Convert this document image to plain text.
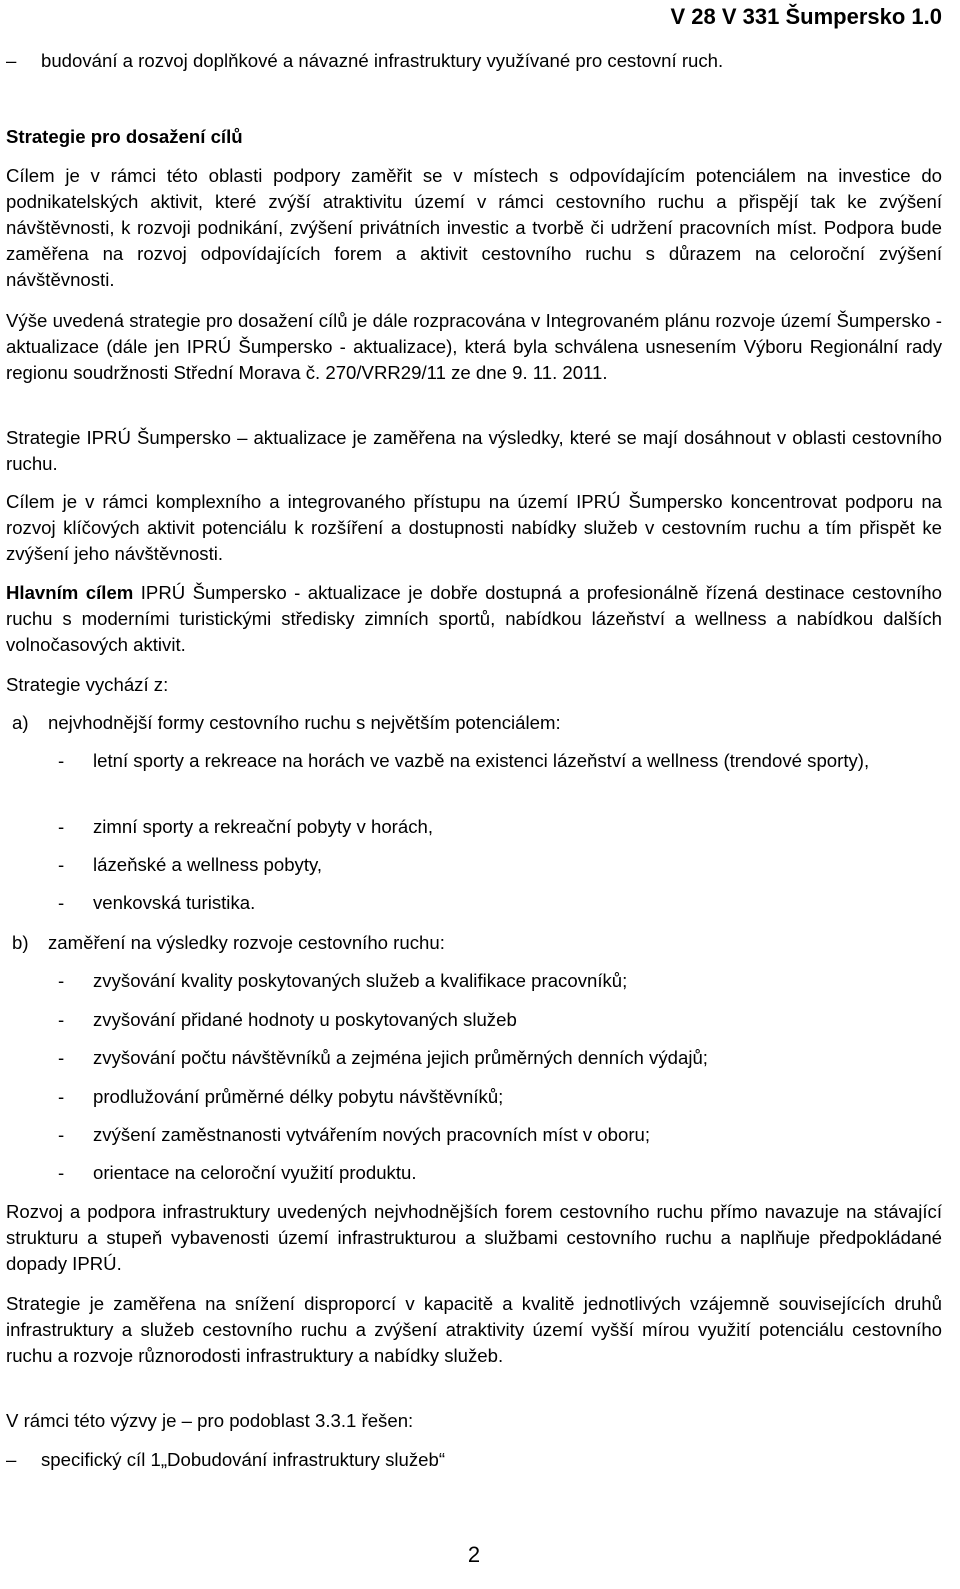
V 28 V 331 Šumpersko 1.0
– budování a rozvoj doplňkové a návazné infrastruktury využívané pro cestovní ruch.
Strategie pro dosažení cílů

Cílem je v rámci této oblasti podpory zaměřit se v místech s odpovídajícím potenciálem na investice do podnikatelských aktivit, které zvýší atraktivitu území v rámci cestovního ruchu a přispějí tak ke zvýšení návštěvnosti, k rozvoji podnikání, zvýšení privátních investic a tvorbě či udržení pracovních míst. Podpora bude zaměřena na rozvoj odpovídajících forem a aktivit cestovního ruchu s důrazem na celoroční zvýšení návštěvnosti.

Výše uvedená strategie pro dosažení cílů je dále rozpracována v Integrovaném plánu rozvoje území Šumpersko - aktualizace (dále jen IPRÚ Šumpersko - aktualizace), která byla schválena usnesením Výboru Regionální rady regionu soudržnosti Střední Morava č. 270/VRR29/11 ze dne 9. 11. 2011.

Strategie IPRÚ Šumpersko – aktualizace je zaměřena na výsledky, které se mají dosáhnout v oblasti cestovního ruchu.

Cílem je v rámci komplexního a integrovaného přístupu na území IPRÚ Šumpersko koncentrovat podporu na rozvoj klíčových aktivit potenciálu k rozšíření a dostupnosti nabídky služeb v cestovním ruchu a tím přispět ke zvýšení jeho návštěvnosti.

Hlavním cílem IPRÚ Šumpersko - aktualizace je dobře dostupná a profesionálně řízená destinace cestovního ruchu s moderními turistickými středisky zimních sportů, nabídkou lázeňství a wellness a nabídkou dalších volnočasových aktivit.

Strategie vychází z:

a) nejvhodnější formy cestovního ruchu s největším potenciálem:
- letní sporty a rekreace na horách ve vazbě na existenci lázeňství a wellness (trendové sporty),
- zimní sporty a rekreační pobyty v horách,
- lázeňské a wellness pobyty,
- venkovská turistika.
b) zaměření na výsledky rozvoje cestovního ruchu:
- zvyšování kvality poskytovaných služeb a kvalifikace pracovníků;
- zvyšování přidané hodnoty u poskytovaných služeb
- zvyšování počtu návštěvníků a zejména jejich průměrných denních výdajů;
- prodlužování průměrné délky pobytu návštěvníků;
- zvýšení zaměstnanosti vytvářením nových pracovních míst v oboru;
- orientace na celoroční využití produktu.

Rozvoj a podpora infrastruktury uvedených nejvhodnějších forem cestovního ruchu přímo navazuje na stávající strukturu a stupeň vybavenosti území infrastrukturou a službami cestovního ruchu a naplňuje předpokládané dopady IPRÚ.

Strategie je zaměřena na snížení disproporcí v kapacitě a kvalitě jednotlivých vzájemně souvisejících druhů infrastruktury a služeb cestovního ruchu a zvýšení atraktivity území vyšší mírou využití potenciálu cestovního ruchu a rozvoje různorodosti infrastruktury a nabídky služeb.

V rámci této výzvy je – pro podoblast 3.3.1 řešen:

– specifický cíl 1„Dobudování infrastruktury služeb“
2
